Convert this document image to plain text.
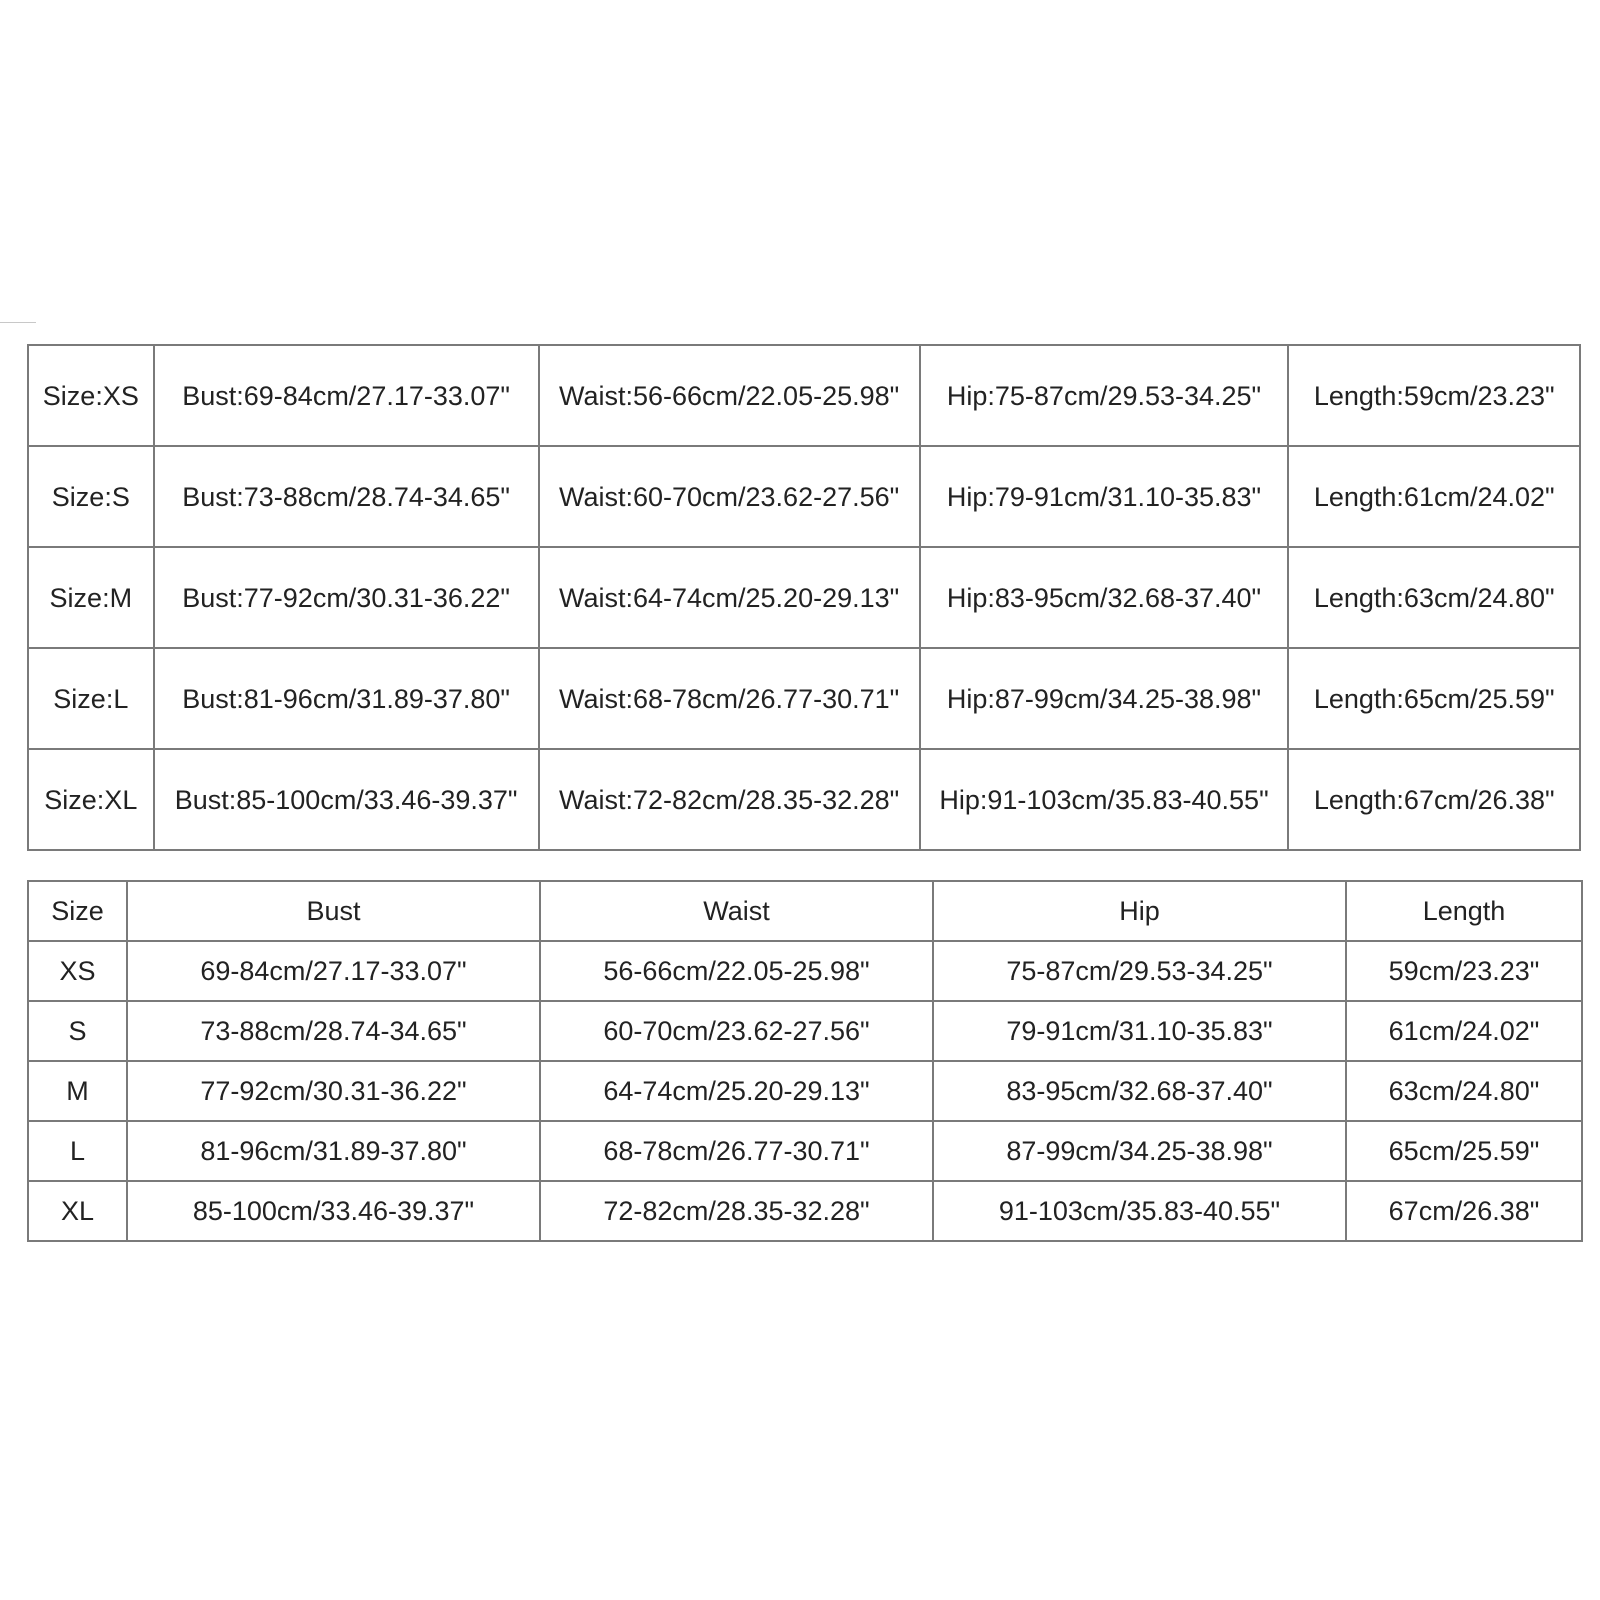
Size:XS	Bust:69-84cm/27.17-33.07"	Waist:56-66cm/22.05-25.98"	Hip:75-87cm/29.53-34.25"	Length:59cm/23.23"
Size:S	Bust:73-88cm/28.74-34.65"	Waist:60-70cm/23.62-27.56"	Hip:79-91cm/31.10-35.83"	Length:61cm/24.02"
Size:M	Bust:77-92cm/30.31-36.22"	Waist:64-74cm/25.20-29.13"	Hip:83-95cm/32.68-37.40"	Length:63cm/24.80"
Size:L	Bust:81-96cm/31.89-37.80"	Waist:68-78cm/26.77-30.71"	Hip:87-99cm/34.25-38.98"	Length:65cm/25.59"
Size:XL	Bust:85-100cm/33.46-39.37"	Waist:72-82cm/28.35-32.28"	Hip:91-103cm/35.83-40.55"	Length:67cm/26.38"
Size	Bust	Waist	Hip	Length
XS	69-84cm/27.17-33.07"	56-66cm/22.05-25.98"	75-87cm/29.53-34.25"	59cm/23.23"
S	73-88cm/28.74-34.65"	60-70cm/23.62-27.56"	79-91cm/31.10-35.83"	61cm/24.02"
M	77-92cm/30.31-36.22"	64-74cm/25.20-29.13"	83-95cm/32.68-37.40"	63cm/24.80"
L	81-96cm/31.89-37.80"	68-78cm/26.77-30.71"	87-99cm/34.25-38.98"	65cm/25.59"
XL	85-100cm/33.46-39.37"	72-82cm/28.35-32.28"	91-103cm/35.83-40.55"	67cm/26.38"
